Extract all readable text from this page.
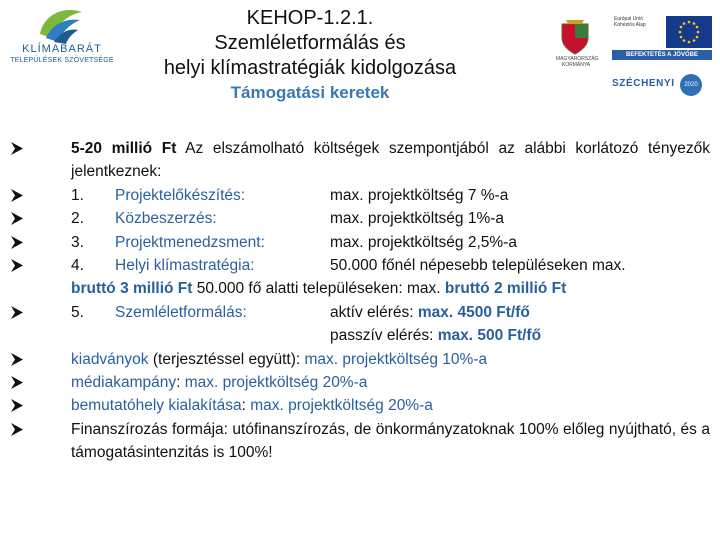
KLÍMABARÁT
TELEPÜLÉSEK SZÖVETSÉGE
KEHOP-1.2.1.
Szemléletformálás és
helyi klímastratégiák kidolgozása
Támogatási keretek
MAGYARORSZÁG KORMÁNYA
Európai Unió Kohéziós Alap
BEFEKTETÉS A JÖVŐBE
SZÉCHENYI	2020
5-20 millió Ft Az elszámolható költségek szempontjából az alábbi korlátozó tényezők jelentkeznek:
1. Projektelőkészítés:	max. projektköltség 7 %-a
2. Közbeszerzés:	max. projektköltség 1%-a
3. Projektmenedzsment:	max. projektköltség 2,5%-a
4. Helyi klímastratégia:	50.000 főnél népesebb településeken max.
bruttó 3 millió Ft 50.000 fő alatti településeken: max. bruttó 2 millió Ft
5. Szemléletformálás:	aktív elérés: max. 4500 Ft/fő
passzív elérés: max. 500 Ft/fő
kiadványok (terjesztéssel együtt): max. projektköltség 10%-a
médiakampány: max. projektköltség 20%-a
bemutatóhely kialakítása: max. projektköltség 20%-a
Finanszírozás formája: utófinanszírozás, de önkormányzatoknak 100% előleg nyújtható, és a támogatásintenzitás is 100%!
